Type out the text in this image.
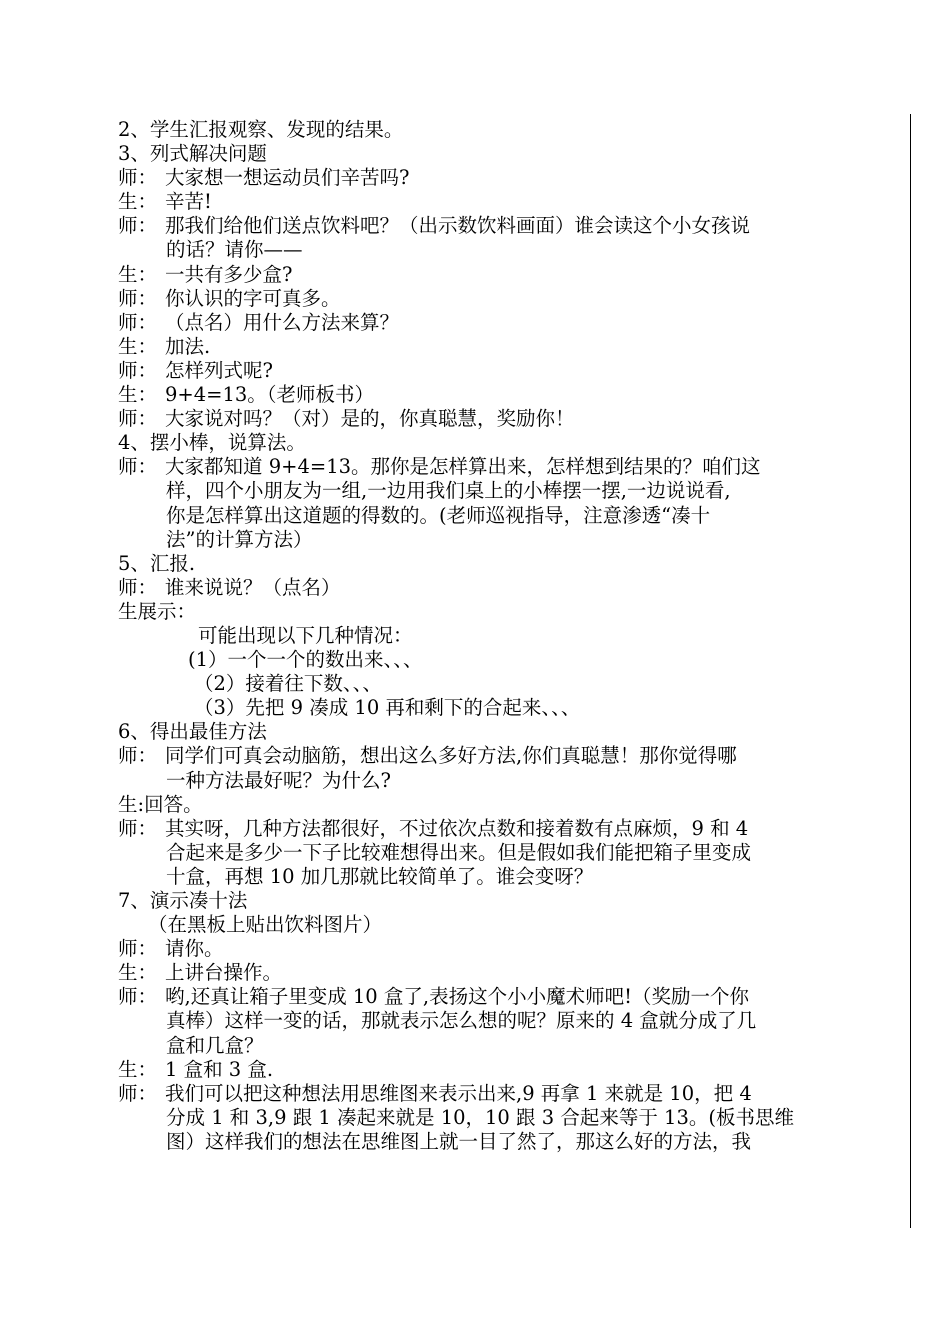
2、学生汇报观察、发现的结果。
3、列式解决问题
师： 大家想一想运动员们辛苦吗?
生： 辛苦!
师： 那我们给他们送点饮料吧？（出示数饮料画面）谁会读这个小女孩说
的话？请你——
生： 一共有多少盒?
师： 你认识的字可真多。
师： （点名）用什么方法来算？
生： 加法.
师： 怎样列式呢?
生： 9+4=13。（老师板书）
师： 大家说对吗？（对）是的，你真聪慧，奖励你！
4、摆小棒，说算法。
师： 大家都知道 9+4=13。那你是怎样算出来，怎样想到结果的？咱们这
样，四个小朋友为一组,一边用我们桌上的小棒摆一摆,一边说说看,
你是怎样算出这道题的得数的。(老师巡视指导，注意渗透“凑十
法”的计算方法）
5、汇报.
师： 谁来说说？（点名）
生展示：
可能出现以下几种情况：
(1）一个一个的数出来、、、
（2）接着往下数、、、
（3）先把 9 凑成 10 再和剩下的合起来、、、
6、得出最佳方法
师： 同学们可真会动脑筋，想出这么多好方法,你们真聪慧！那你觉得哪
一种方法最好呢？为什么?
生:回答。
师： 其实呀，几种方法都很好，不过依次点数和接着数有点麻烦，9 和 4
合起来是多少一下子比较难想得出来。但是假如我们能把箱子里变成
十盒，再想 10 加几那就比较简单了。谁会变呀？
7、演示凑十法
（在黑板上贴出饮料图片）
师： 请你。
生： 上讲台操作。
师： 哟,还真让箱子里变成 10 盒了,表扬这个小小魔术师吧!（奖励一个你
真棒）这样一变的话，那就表示怎么想的呢？原来的 4 盒就分成了几
盒和几盒？
生： 1 盒和 3 盒.
师： 我们可以把这种想法用思维图来表示出来,9 再拿 1 来就是 10，把 4
分成 1 和 3,9 跟 1 凑起来就是 10，10 跟 3 合起来等于 13。(板书思维
图）这样我们的想法在思维图上就一目了然了，那这么好的方法，我
